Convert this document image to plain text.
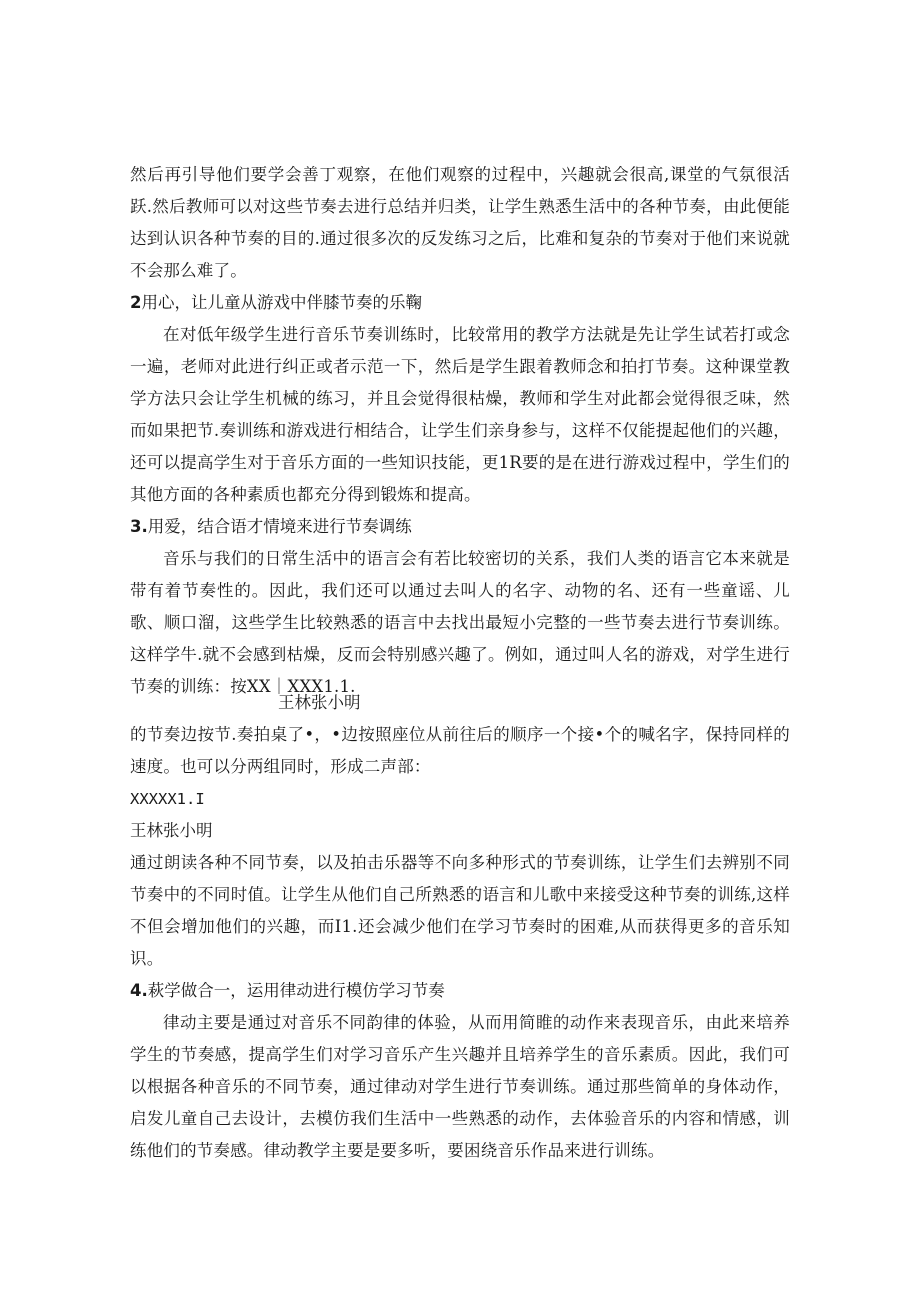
然后再引导他们要学会善丁观察，在他们观察的过程中，兴趣就会很高,课堂的气氛很活跃.然后教师可以对这些节奏去进行总结并归类，让学生熟悉生活中的各种节奏，由此便能达到认识各种节奏的目的.通过很多次的反发练习之后，比难和复杂的节奏对于他们来说就不会那么难了。

2用心，让儿童从游戏中伴膝节奏的乐鞠

在对低年级学生进行音乐节奏训练时，比较常用的教学方法就是先让学生试若打或念一遍，老师对此进行纠正或者示范一下，然后是学生跟着教师念和拍打节奏。这种课堂教学方法只会让学生机械的练习，并且会觉得很枯燥，教师和学生对此都会觉得很乏味，然而如果把节.奏训练和游戏进行相结合，让学生们亲身参与，这样不仅能提起他们的兴趣，还可以提高学生对于音乐方面的一些知识技能，更1R要的是在进行游戏过程中，学生们的其他方面的各种素质也都充分得到锻炼和提高。

3.用爱，结合语才情境来进行节奏调练

音乐与我们的日常生活中的语言会有若比较密切的关系，我们人类的语言它本来就是带有着节奏性的。因此，我们还可以通过去叫人的名字、动物的名、还有一些童谣、儿歌、顺口溜，这些学生比较熟悉的语言中去找出最短小完整的一些节奏去进行节奏训练。这样学牛.就不会感到枯燥，反而会特别感兴趣了。例如，通过叫人名的游戏，对学生进行节奏的训练：按XX｜XXX1.1.

王林张小明

的节奏边按节.奏拍桌了•，•边按照座位从前往后的顺序一个接•个的喊名字，保持同样的速度。也可以分两组同时，形成二声部：

XXXXX1.I

王林张小明

通过朗读各种不同节奏，以及拍击乐器等不向多种形式的节奏训练，让学生们去辨别不同节奏中的不同时值。让学生从他们自己所熟悉的语言和儿歌中来接受这种节奏的训练,这样不但会增加他们的兴趣，而I1.还会减少他们在学习节奏时的困难,从而获得更多的音乐知识。

4.萩学做合一，运用律动进行模仿学习节奏

律动主要是通过对音乐不同韵律的体验，从而用简睢的动作来表现音乐，由此来培养学生的节奏感，提高学生们对学习音乐产生兴趣并且培养学生的音乐素质。因此，我们可以根据各种音乐的不同节奏，通过律动对学生进行节奏训练。通过那些简单的身体动作，启发儿童自己去设计，去模仿我们生活中一些熟悉的动作，去体验音乐的内容和情感，训练他们的节奏感。律动教学主要是要多听，要困绕音乐作品来进行训练。
